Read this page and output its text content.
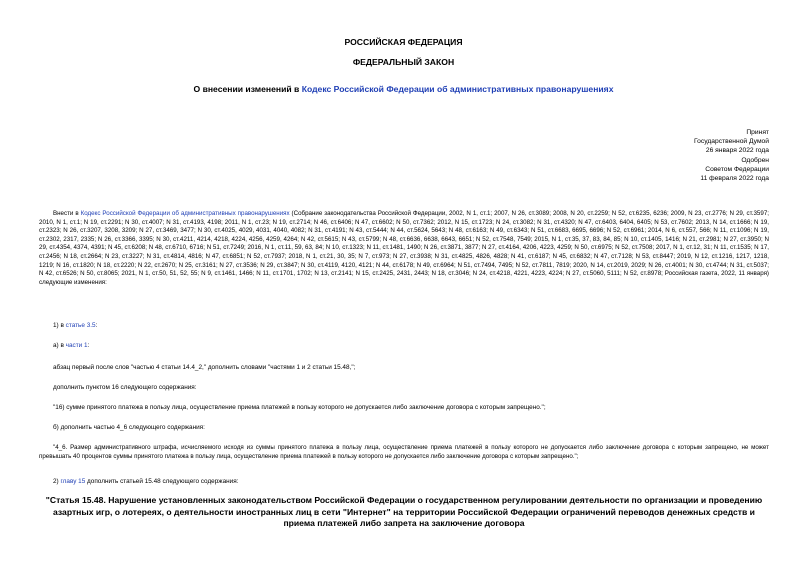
РОССИЙСКАЯ ФЕДЕРАЦИЯ
ФЕДЕРАЛЬНЫЙ ЗАКОН
О внесении изменений в Кодекс Российской Федерации об административных правонарушениях
Принят
Государственной Думой
26 января 2022 года
Одобрен
Советом Федерации
11 февраля 2022 года
Внести в Кодекс Российской Федерации об административных правонарушениях (Собрание законодательства Российской Федерации, 2002, N 1, ст.1; 2007, N 26, ст.3089; 2008, N 20, ст.2259; N 52, ст.6235, 6236; 2009, N 23, ст.2776; N 29, ст.3597; 2010, N 1, ст.1; N 19, ст.2291; N 30, ст.4007; N 31, ст.4193, 4198; 2011, N 1, ст.23; N 19, ст.2714; N 46, ст.6406; N 47, ст.6602; N 50, ст.7362; 2012, N 15, ст.1723; N 24, ст.3082; N 31, ст.4320; N 47, ст.6403, 6404, 6405; N 53, ст.7602; 2013, N 14, ст.1666; N 19, ст.2323; N 26, ст.3207, 3208, 3209; N 27, ст.3469, 3477; N 30, ст.4025, 4029, 4031, 4040, 4082; N 31, ст.4191; N 43, ст.5444; N 44, ст.5624, 5643; N 48, ст.6163; N 49, ст.6343; N 51, ст.6683, 6695, 6696; N 52, ст.6961; 2014, N 6, ст.557, 566; N 11, ст.1096; N 19, ст.2302, 2317, 2335; N 26, ст.3366, 3395; N 30, ст.4211, 4214, 4218, 4224, 4256, 4259, 4264; N 42, ст.5615; N 43, ст.5799; N 48, ст.6636, 6638, 6643, 6651; N 52, ст.7548, 7549; 2015, N 1, ст.35, 37, 83, 84, 85; N 10, ст.1405, 1416; N 21, ст.2981; N 27, ст.3950; N 29, ст.4354, 4374, 4391; N 45, ст.6208; N 48, ст.6710, 6716; N 51, ст.7249; 2016, N 1, ст.11, 59, 63, 84; N 10, ст.1323; N 11, ст.1481, 1490; N 26, ст.3871, 3877; N 27, ст.4164, 4206, 4223, 4259; N 50, ст.6975; N 52, ст.7508; 2017, N 1, ст.12, 31; N 11, ст.1535; N 17, ст.2456; N 18, ст.2664; N 23, ст.3227; N 31, ст.4814, 4816; N 47, ст.6851; N 52, ст.7937; 2018, N 1, ст.21, 30, 35; N 7, ст.973; N 27, ст.3938; N 31, ст.4825, 4826, 4828; N 41, ст.6187; N 45, ст.6832; N 47, ст.7128; N 53, ст.8447; 2019, N 12, ст.1216, 1217, 1218, 1219; N 16, ст.1820; N 18, ст.2220; N 22, ст.2670; N 25, ст.3161; N 27, ст.3536; N 29, ст.3847; N 30, ст.4119, 4120, 4121; N 44, ст.6178; N 49, ст.6964; N 51, ст.7494, 7495; N 52, ст.7811, 7819; 2020, N 14, ст.2019, 2029; N 26, ст.4001; N 30, ст.4744; N 31, ст.5037; N 42, ст.6526; N 50, ст.8065; 2021, N 1, ст.50, 51, 52, 55; N 9, ст.1461, 1466; N 11, ст.1701, 1702; N 13, ст.2141; N 15, ст.2425, 2431, 2443; N 18, ст.3046; N 24, ст.4218, 4221, 4223, 4224; N 27, ст.5060, 5111; N 52, ст.8978; Российская газета, 2022, 11 января) следующие изменения:
1) в статье 3.5:
а) в части 1:
абзац первый после слов "частью 4 статьи 14.4_2," дополнить словами "частями 1 и 2 статьи 15.48,";
дополнить пунктом 16 следующего содержания:
"16) сумме принятого платежа в пользу лица, осуществление приема платежей в пользу которого не допускается либо заключение договора с которым запрещено.";
б) дополнить частью 4_6 следующего содержания:
"4_6. Размер административного штрафа, исчисляемого исходя из суммы принятого платежа в пользу лица, осуществление приема платежей в пользу которого не допускается либо заключение договора с которым запрещено, не может превышать 40 процентов суммы принятого платежа в пользу лица, осуществление приема платежей в пользу которого не допускается либо заключение договора с которым запрещено.";
2) главу 15 дополнить статьей 15.48 следующего содержания:
"Статья 15.48. Нарушение установленных законодательством Российской Федерации о государственном регулировании деятельности по организации и проведению азартных игр, о лотереях, о деятельности иностранных лиц в сети "Интернет" на территории Российской Федерации ограничений переводов денежных средств и приема платежей либо запрета на заключение договора
